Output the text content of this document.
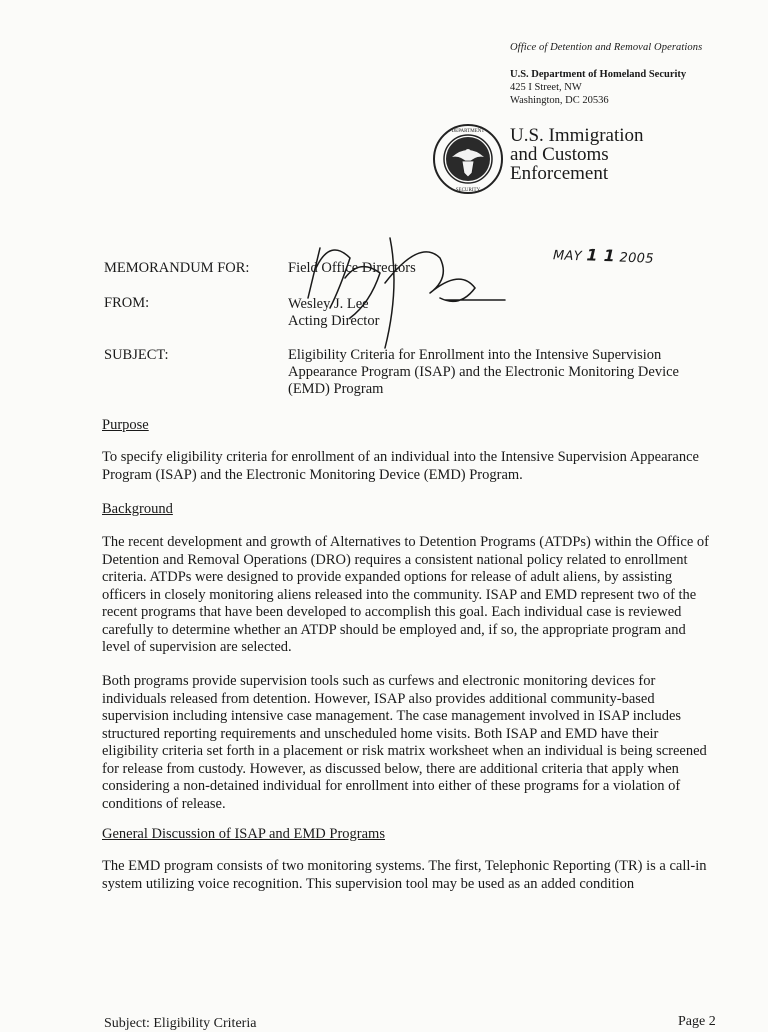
Office of Detention and Removal Operations
U.S. Department of Homeland Security
425 I Street, NW
Washington, DC 20536
DEPARTMENT
SECURITY
U.S. Immigration
and Customs
Enforcement
MAY 1 1 2005
MEMORANDUM FOR:	Field Office Directors
FROM:	Wesley J. Lee
Acting Director
SUBJECT:	Eligibility Criteria for Enrollment into the Intensive Supervision
Appearance Program (ISAP) and the Electronic Monitoring Device
(EMD) Program
Purpose
To specify eligibility criteria for enrollment of an individual into the Intensive Supervision Appearance Program (ISAP) and the Electronic Monitoring Device (EMD) Program.
Background
The recent development and growth of Alternatives to Detention Programs (ATDPs) within the Office of Detention and Removal Operations (DRO) requires a consistent national policy related to enrollment criteria. ATDPs were designed to provide expanded options for release of adult aliens, by assisting officers in closely monitoring aliens released into the community. ISAP and EMD represent two of the recent programs that have been developed to accomplish this goal. Each individual case is reviewed carefully to determine whether an ATDP should be employed and, if so, the appropriate program and level of supervision are selected.
Both programs provide supervision tools such as curfews and electronic monitoring devices for individuals released from detention. However, ISAP also provides additional community-based supervision including intensive case management. The case management involved in ISAP includes structured reporting requirements and unscheduled home visits. Both ISAP and EMD have their eligibility criteria set forth in a placement or risk matrix worksheet when an individual is being screened for release from custody. However, as discussed below, there are additional criteria that apply when considering a non-detained individual for enrollment into either of these programs for a violation of conditions of release.
General Discussion of ISAP and EMD Programs
The EMD program consists of two monitoring systems. The first, Telephonic Reporting (TR) is a call-in system utilizing voice recognition. This supervision tool may be used as an added condition
Subject: Eligibility Criteria	Page 2
